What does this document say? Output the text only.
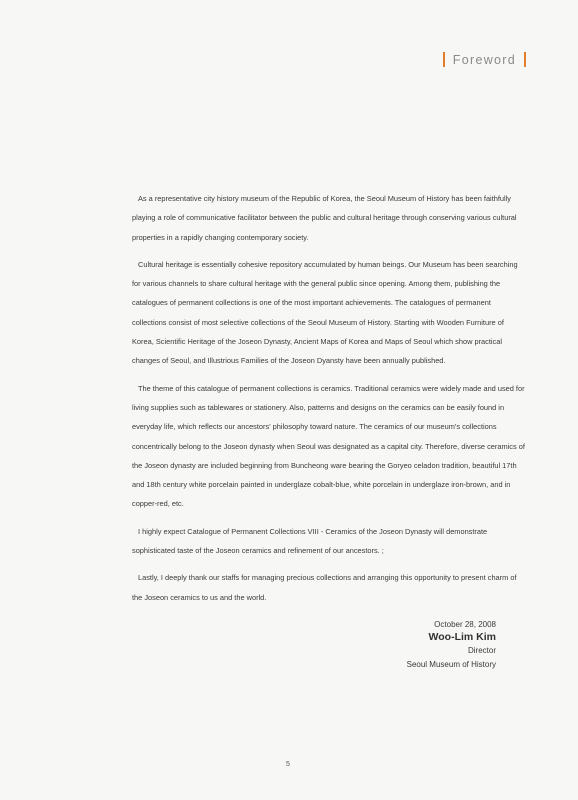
Foreword

As a representative city history museum of the Republic of Korea, the Seoul Museum of History has been faithfully playing a role of communicative facilitator between the public and cultural heritage through conserving various cultural properties in a rapidly changing contemporary society.

Cultural heritage is essentially cohesive repository accumulated by human beings. Our Museum has been searching for various channels to share cultural heritage with the general public since opening. Among them, publishing the catalogues of permanent collections is one of the most important achievements. The catalogues of permanent collections consist of most selective collections of the Seoul Museum of History. Starting with Wooden Furniture of Korea, Scientific Heritage of the Joseon Dynasty, Ancient Maps of Korea and Maps of Seoul which show practical changes of Seoul, and Illustrious Families of the Joseon Dyansty have been annually published.

The theme of this catalogue of permanent collections is ceramics. Traditional ceramics were widely made and used for living supplies such as tablewares or stationery. Also, patterns and designs on the ceramics can be easily found in everyday life, which reflects our ancestors' philosophy toward nature. The ceramics of our museum's collections concentrically belong to the Joseon dynasty when Seoul was designated as a capital city. Therefore, diverse ceramics of the Joseon dynasty are included beginning from Buncheong ware bearing the Goryeo celadon tradition, beautiful 17th and 18th century white porcelain painted in underglaze cobalt-blue, white porcelain in underglaze iron-brown, and in copper-red, etc.

I highly expect Catalogue of Permanent Collections VIII - Ceramics of the Joseon Dynasty will demonstrate sophisticated taste of the Joseon ceramics and refinement of our ancestors. ;

Lastly, I deeply thank our staffs for managing precious collections and arranging this opportunity to present charm of the Joseon ceramics to us and the world.

October 28, 2008
Woo-Lim Kim
Director
Seoul Museum of History
5
